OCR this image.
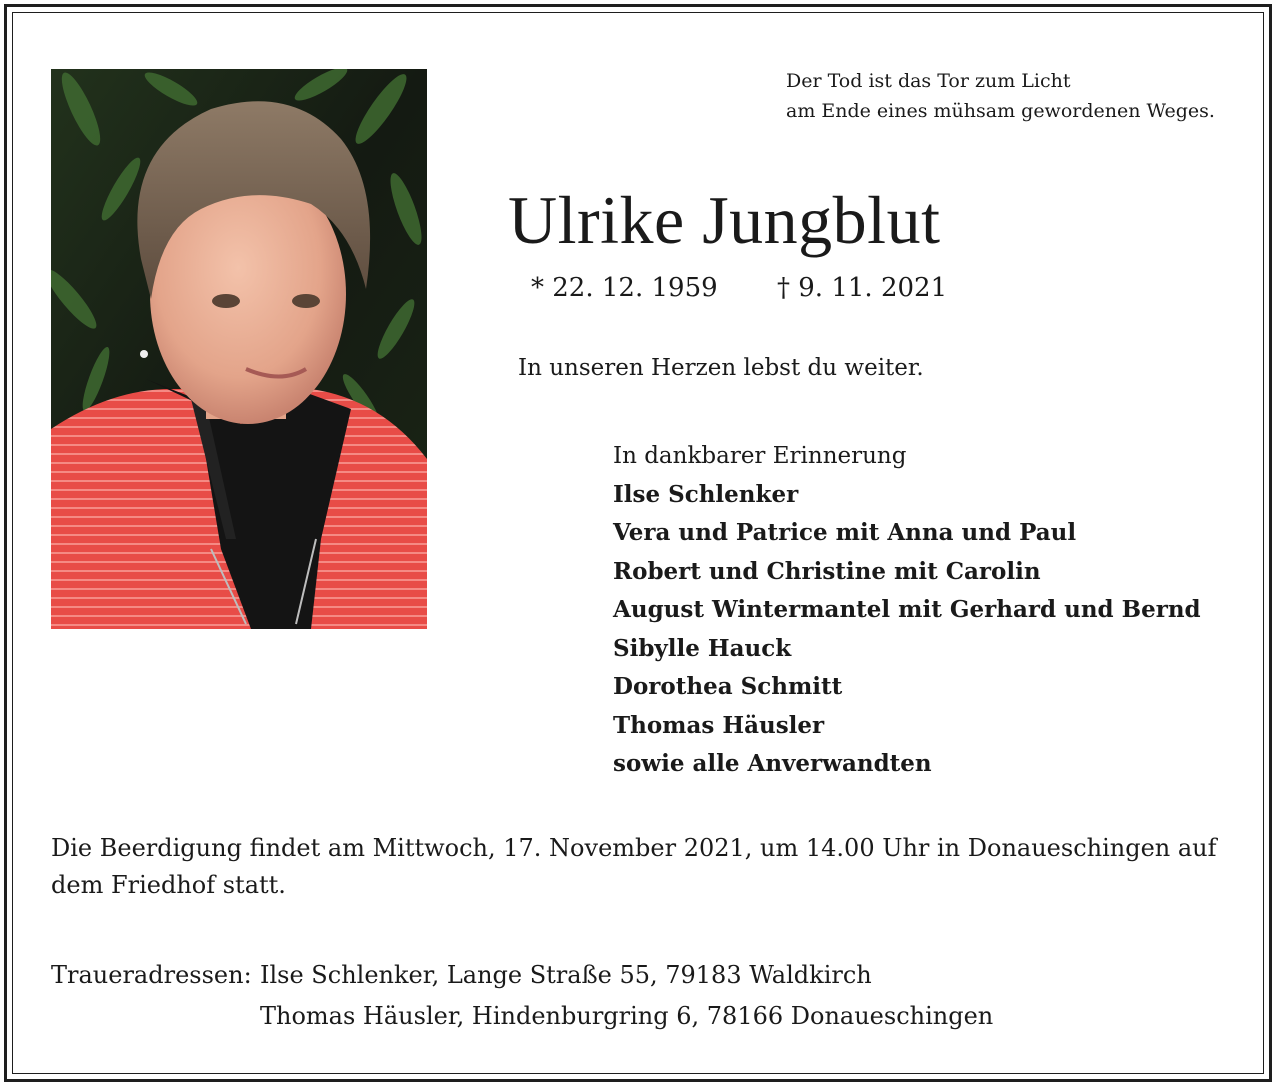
Der Tod ist das Tor zum Licht
am Ende eines mühsam gewordenen Weges.
Ulrike Jungblut
* 22. 12. 1959 † 9. 11. 2021
In unseren Herzen lebst du weiter.
In dankbarer Erinnerung
Ilse Schlenker
Vera und Patrice mit Anna und Paul
Robert und Christine mit Carolin
August Wintermantel mit Gerhard und Bernd
Sibylle Hauck
Dorothea Schmitt
Thomas Häusler
sowie alle Anverwandten
Die Beerdigung findet am Mittwoch, 17. November 2021, um 14.00 Uhr in Donaueschingen auf dem Friedhof statt.
Traueradressen: Ilse Schlenker, Lange Straße 55, 79183 Waldkirch
Thomas Häusler, Hindenburgring 6, 78166 Donaueschingen
